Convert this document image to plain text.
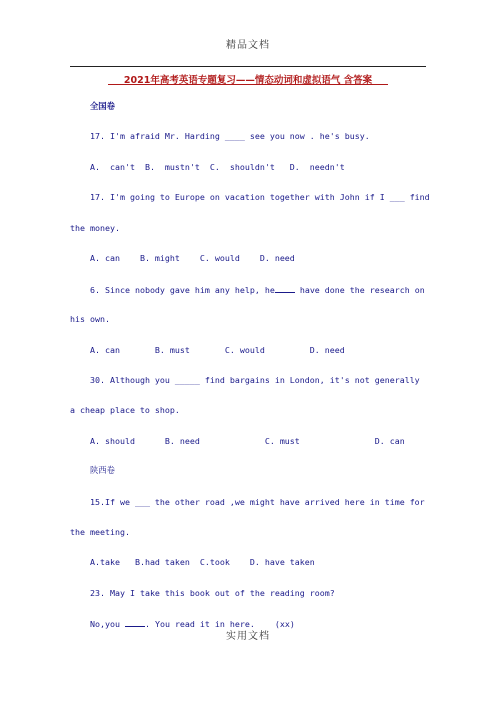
精品文档
2021年高考英语专题复习——情态动词和虚拟语气 含答案
全国卷
17. I'm afraid Mr. Harding ____ see you now . he's busy.
A.  can't  B.  mustn't  C.  shouldn't   D.  needn't
17. I'm going to Europe on vacation together with John if I ___ find
the money.
A. can    B. might    C. would    D. need
6. Since nobody gave him any help, he have done the research on
his own.
A. can       B. must       C. would         D. need
30. Although you _____ find bargains in London, it's not generally
a cheap place to shop.
A. should      B. need             C. must               D. can
陕西卷
15.If we ___ the other road ,we might have arrived here in time for
the meeting.
A.take   B.had taken  C.took    D. have taken
23. May I take this book out of the reading room?
No,you . You read it in here.    (xx)
实用文档
